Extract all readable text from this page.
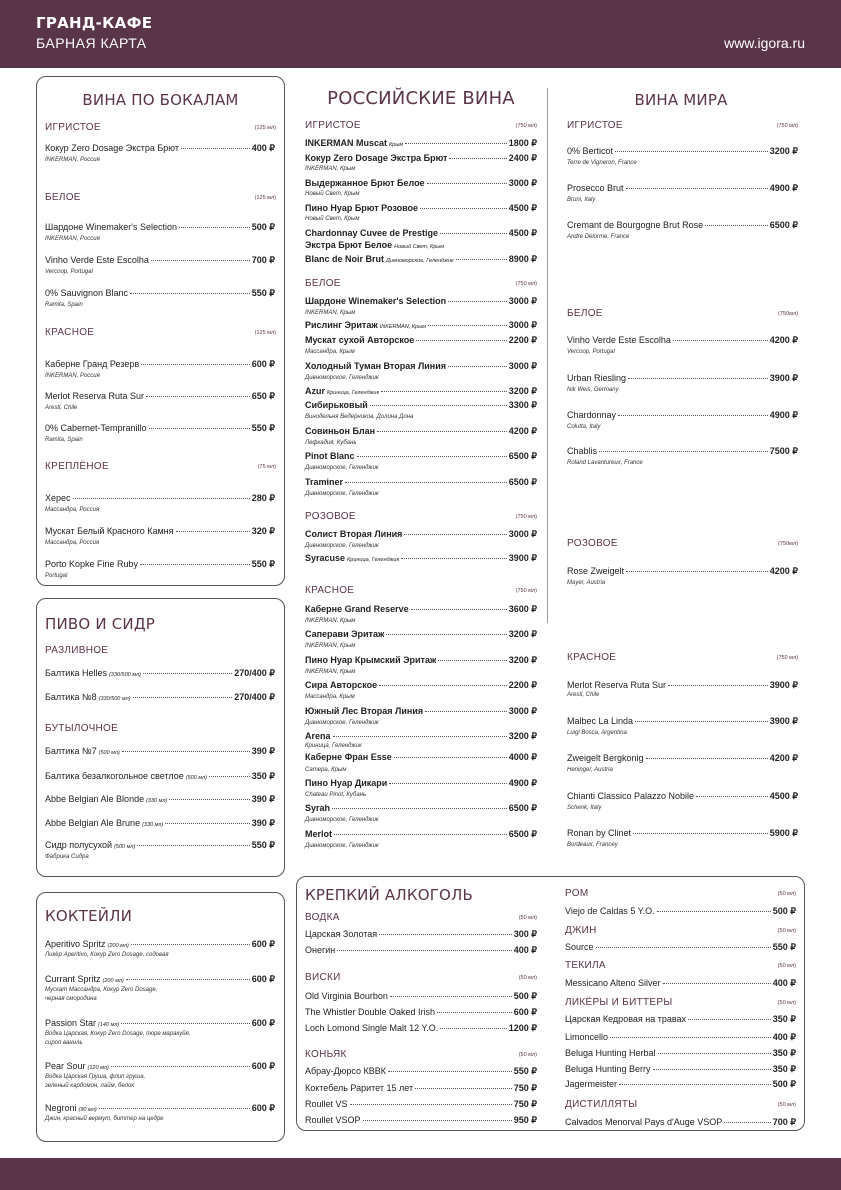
ГРАНД-КАФЕ
БАРНАЯ КАРТА	www.igora.ru
ВИНА ПО БОКАЛАМ
ИГРИСТОЕ	(125 мл)
Кокур Zero Dosage Экстра Брют	400 ₽
INKERMAN, Россия
БЕЛОЕ	(125 мл)
Шардоне Winemaker's Selection	500 ₽
INKERMAN, Россия
Vinho Verde Este Escolha	700 ₽
Vercoop, Portugal
0% Sauvignon Blanc	550 ₽
Ramita, Spain
КРАСНОЕ	(125 мл)
Каберне Гранд Резерв	600 ₽
INKERMAN, Россия
Merlot Reserva Ruta Sur	650 ₽
Aresti, Chile
0% Cabernet-Tempranillo	550 ₽
Ramita, Spain
КРЕПЛЁНОЕ	(75 мл)
Херес	280 ₽
Массандра, Россия
Мускат Белый Красного Камня	320 ₽
Массандра, Россия
Porto Kopke Fine Ruby	550 ₽
Portugal
ПИВО И СИДР
РАЗЛИВНОЕ
Балтика Helles (330/500 мл)	270/400 ₽
Балтика №8 (330/500 мл)	270/400 ₽
БУТЫЛОЧНОЕ
Балтика №7 (500 мл)	390 ₽
Балтика безалкогольное светлое (500 мл)	350 ₽
Abbe Belgian Ale Blonde (330 мл)	390 ₽
Abbe Belgian Ale Brune (330 мл)	390 ₽
Сидр полусухой (500 мл)	550 ₽
Фабрика Сидра
КОКТЕЙЛИ
Aperitivo Spritz (200 мл)	600 ₽
Ликёр Aperitivo, Кокур Zero Dosage, содовая
Currant Spritz (200 мл)	600 ₽
Мускат Массандра, Кокур Zero Dosage,
черная смородина
Passion Star (140 мл)	600 ₽
Водка Царская, Кокур Zero Dosage, пюре маракуйя,
сироп ваниль
Pear Sour (120 мл)	600 ₽
Водка Царская Груша, флип груша,
зеленый кардомон, лайм, белок
Negroni (90 мл)	600 ₽
Джин, красный вермут, биттер на цедре
РОССИЙСКИЕ ВИНА
ИГРИСТОЕ	(750 мл)
INKERMAN Muscat Крым	1800 ₽
Кокур Zero Dosage Экстра Брют	2400 ₽
INKERMAN, Крым
Выдержанное Брют Белое	3000 ₽
Новый Свет, Крым
Пино Нуар Брют Розовое	4500 ₽
Новый Свет, Крым
Chardonnay Cuvee de Prestige	4500 ₽
Экстра Брют Белое Новый Свет, Крым
Blanc de Noir Brut Дивноморское, Геленджик	8900 ₽
БЕЛОЕ	(750 мл)
Шардоне Winemaker's Selection	3000 ₽
INKERMAN, Крым
Рислинг Эритаж INKERMAN, Крым	3000 ₽
Мускат сухой Авторское	2200 ₽
Массандра, Крым
Холодный Туман Вторая Линия	3000 ₽
Дивноморское, Геленджик
Azur Криница, Геленджик	3200 ₽
Сибирьковый	3300 ₽
Винодельня Ведерников, Долина Дона
Совиньон Блан	4200 ₽
Лефкадия, Кубань
Pinot Blanc	6500 ₽
Дивноморское, Геленджик
Traminer	6500 ₽
Дивноморское, Геленджик
РОЗОВОЕ	(750 мл)
Солист Вторая Линия	3000 ₽
Дивноморское, Геленджик
Syracuse Криница, Геленджик	3900 ₽
КРАСНОЕ	(750 мл)
Каберне Grand Reserve	3600 ₽
INKERMAN, Крым
Саперави Эритаж	3200 ₽
INKERMAN, Крым
Пино Нуар Крымский Эритаж	3200 ₽
INKERMAN, Крым
Сира Авторское	2200 ₽
Массандра, Крым
Южный Лес Вторая Линия	3000 ₽
Дивноморское, Геленджик
Arena	3200 ₽
Криница, Геленджик
Каберне Фран Esse	4000 ₽
Сатера, Крым
Пино Нуар Дикари	4900 ₽
Chateau Pinot, Кубань
Syrah	6500 ₽
Дивноморское, Геленджик
Merlot	6500 ₽
Дивноморское, Геленджик
ВИНА МИРА
ИГРИСТОЕ	(750 мл)
0% Berticot	3200 ₽
Terre de Vigneron, France
Prosecco Brut	4900 ₽
Bruni, Italy
Cremant de Bourgogne Brut Rose	6500 ₽
Andre Delorme, France
БЕЛОЕ	(750мл)
Vinho Verde Este Escolha	4200 ₽
Vercoop, Portugal
Urban Riesling	3900 ₽
Nik Weis, Germany
Chardonnay	4900 ₽
Colutta, Italy
Chablis	7500 ₽
Roland Lavantureux, France
РОЗОВОЕ	(750мл)
Rose Zweigelt	4200 ₽
Mayer, Austria
КРАСНОЕ	(750 мл)
Merlot Reserva Ruta Sur	3900 ₽
Aresti, Chile
Malbec La Linda	3900 ₽
Luigi Bosca, Argentina
Zweigelt Bergkonig	4200 ₽
Heninger, Austria
Chianti Classico Palazzo Nobile	4500 ₽
Schenk, Italy
Ronan by Clinet	5900 ₽
Bordeaux, Francey
КРЕПКИЙ АЛКОГОЛЬ
ВОДКА	(50 мл)
Царская Золотая	300 ₽
Онегин	400 ₽
ВИСКИ	(50 мл)
Old Virginia Bourbon	500 ₽
The Whistler Double Oaked Irish	600 ₽
Loch Lomond Single Malt 12 Y.O.	1200 ₽
КОНЬЯК	(50 мл)
Абрау-Дюрсо КВВК	550 ₽
Коктебель Раритет 15 лет	750 ₽
Roullet VS	750 ₽
Roullet VSOP	950 ₽
РОМ	(50 мл)
Viejo de Caldas 5 Y.O.	500 ₽
ДЖИН	(50 мл)
Source	550 ₽
ТЕКИЛА	(50 мл)
Messicano Alteno Silver	400 ₽
ЛИКЁРЫ И БИТТЕРЫ	(50 мл)
Царская Кедровая на травах	350 ₽
Limoncello	400 ₽
Beluga Hunting Herbal	350 ₽
Beluga Hunting Berry	350 ₽
Jagermeister	500 ₽
ДИСТИЛЛЯТЫ	(50 мл)
Calvados Menorval Pays d'Auge VSOP	700 ₽
